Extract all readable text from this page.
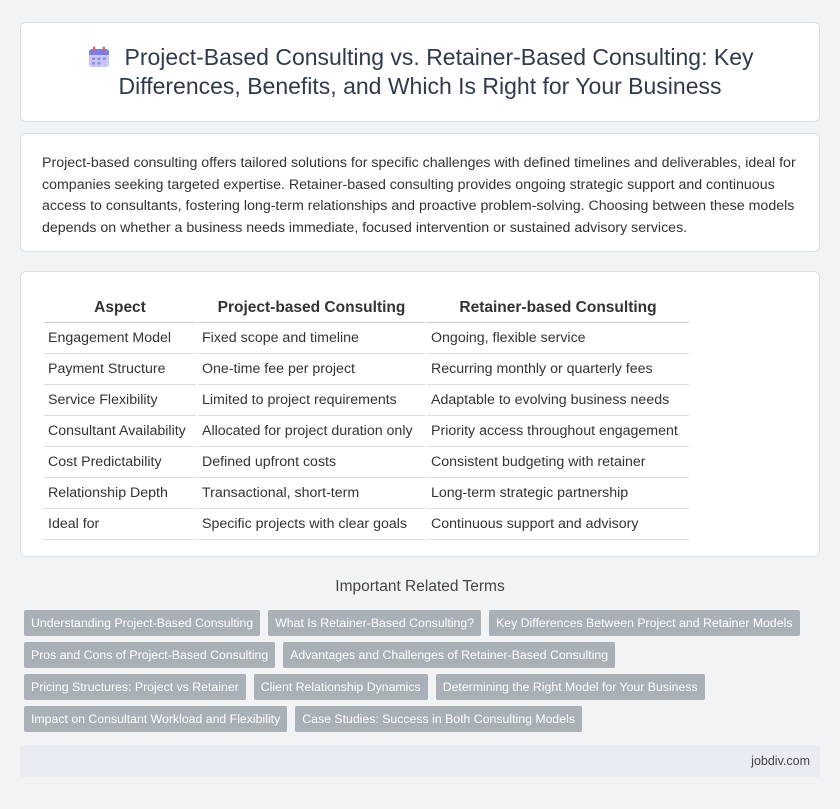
Project-Based Consulting vs. Retainer-Based Consulting: Key Differences, Benefits, and Which Is Right for Your Business

Project-based consulting offers tailored solutions for specific challenges with defined timelines and deliverables, ideal for companies seeking targeted expertise. Retainer-based consulting provides ongoing strategic support and continuous access to consultants, fostering long-term relationships and proactive problem-solving. Choosing between these models depends on whether a business needs immediate, focused intervention or sustained advisory services.

Aspect	Project-based Consulting	Retainer-based Consulting
Engagement Model	Fixed scope and timeline	Ongoing, flexible service
Payment Structure	One-time fee per project	Recurring monthly or quarterly fees
Service Flexibility	Limited to project requirements	Adaptable to evolving business needs
Consultant Availability	Allocated for project duration only	Priority access throughout engagement
Cost Predictability	Defined upfront costs	Consistent budgeting with retainer
Relationship Depth	Transactional, short-term	Long-term strategic partnership
Ideal for	Specific projects with clear goals	Continuous support and advisory
Important Related Terms
Understanding Project-Based Consulting	What Is Retainer-Based Consulting?	Key Differences Between Project and Retainer Models
Pros and Cons of Project-Based Consulting	Advantages and Challenges of Retainer-Based Consulting
Pricing Structures: Project vs Retainer	Client Relationship Dynamics	Determining the Right Model for Your Business
Impact on Consultant Workload and Flexibility	Case Studies: Success in Both Consulting Models
jobdiv.com
